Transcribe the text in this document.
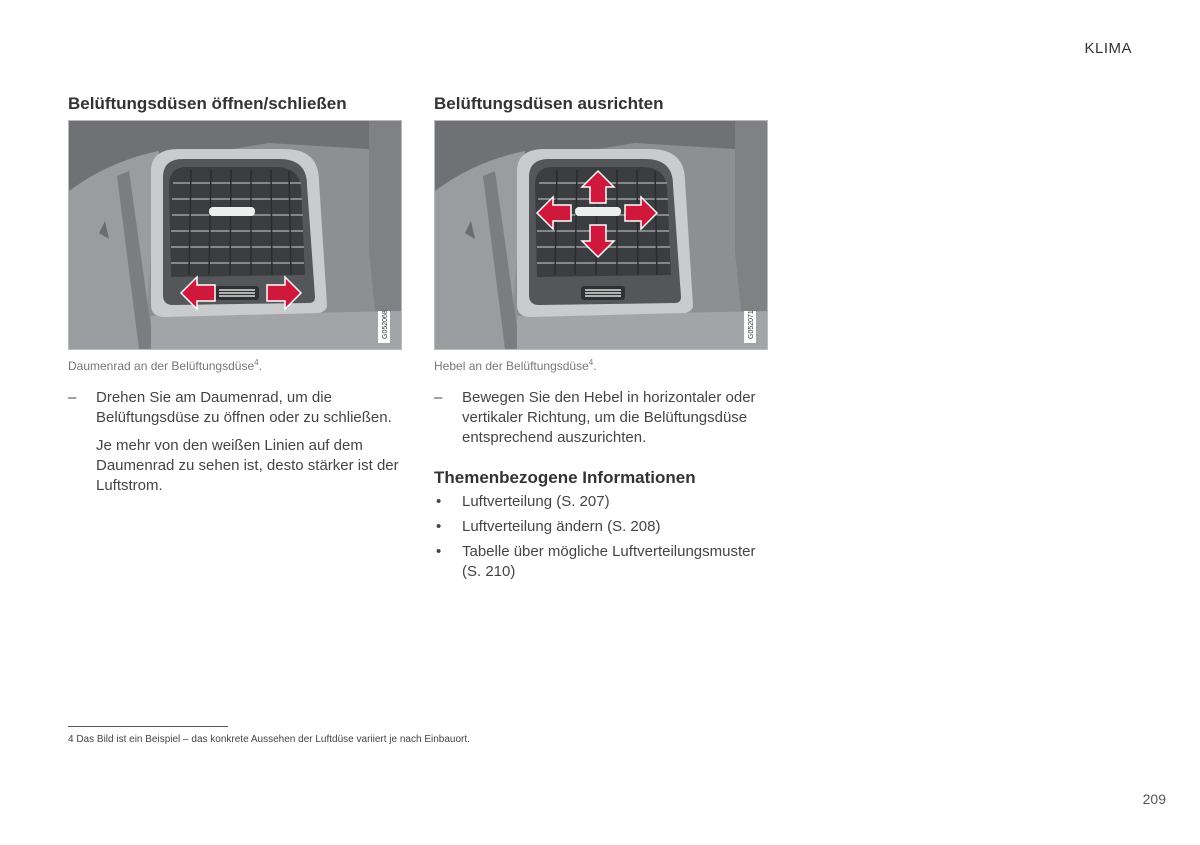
KLIMA
Belüftungsdüsen öffnen/schließen
G052068
Daumenrad an der Belüftungsdüse$^4$.
– Drehen Sie am Daumenrad, um die Belüftungsdüse zu öffnen oder zu schließen.
Je mehr von den weißen Linien auf dem Daumenrad zu sehen ist, desto stärker ist der Luftstrom.
Belüftungsdüsen ausrichten
G052071
Hebel an der Belüftungsdüse$^4$.
– Bewegen Sie den Hebel in horizontaler oder vertikaler Richtung, um die Belüftungsdüse entsprechend auszurichten.
Themenbezogene Informationen
• Luftverteilung (S. 207)
• Luftverteilung ändern (S. 208)
• Tabelle über mögliche Luftverteilungsmuster (S. 210)
4 Das Bild ist ein Beispiel – das konkrete Aussehen der Luftdüse variiert je nach Einbauort.
209
